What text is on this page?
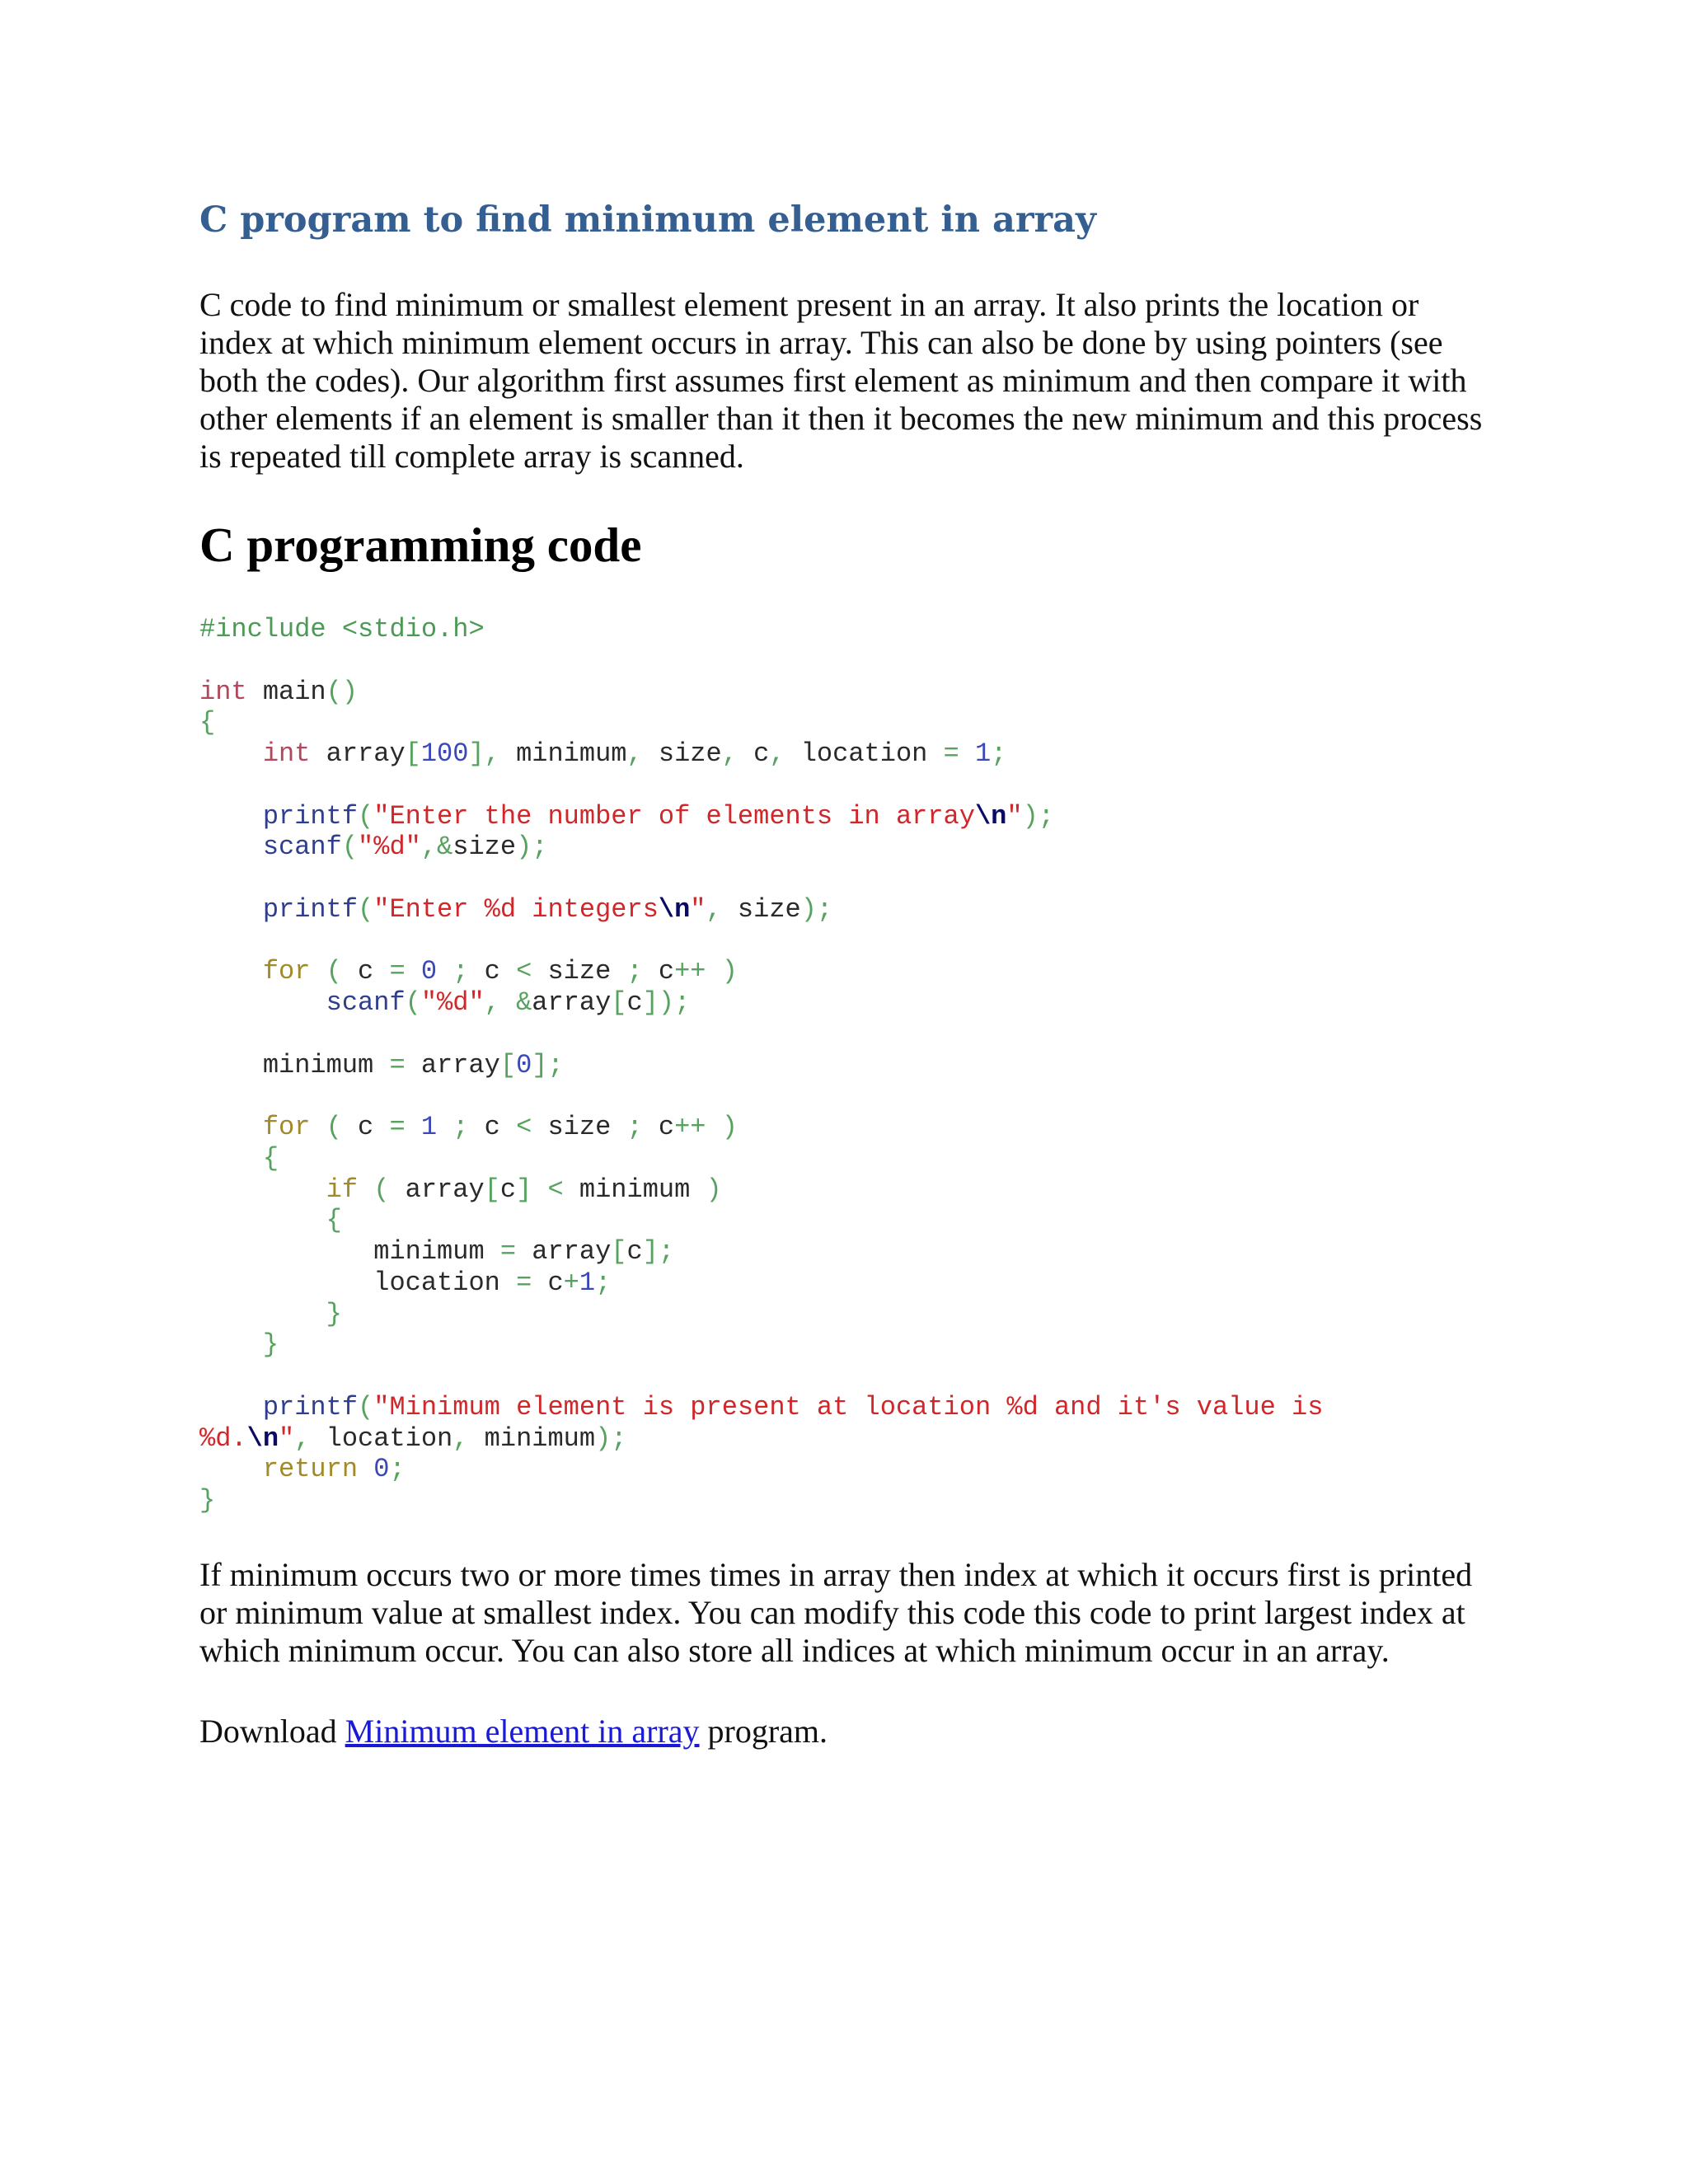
C program to find minimum element in array

C code to find minimum or smallest element present in an array. It also prints the location or
index at which minimum element occurs in array. This can also be done by using pointers (see
both the codes). Our algorithm first assumes first element as minimum and then compare it with
other elements if an element is smaller than it then it becomes the new minimum and this process
is repeated till complete array is scanned.

C programming code
#include <stdio.h>

int main()
{
int array[100], minimum, size, c, location = 1;

printf("Enter the number of elements in array\n");
scanf("%d",&size);

printf("Enter %d integers\n", size);

for ( c = 0 ; c < size ; c++ )
scanf("%d", &array[c]);

minimum = array[0];

for ( c = 1 ; c < size ; c++ )
{
if ( array[c] < minimum )
{
minimum = array[c];
location = c+1;
}
}

printf("Minimum element is present at location %d and it's value is
%d.\n", location, minimum);
return 0;
}

If minimum occurs two or more times times in array then index at which it occurs first is printed
or minimum value at smallest index. You can modify this code this code to print largest index at
which minimum occur. You can also store all indices at which minimum occur in an array.

Download Minimum element in array program.
